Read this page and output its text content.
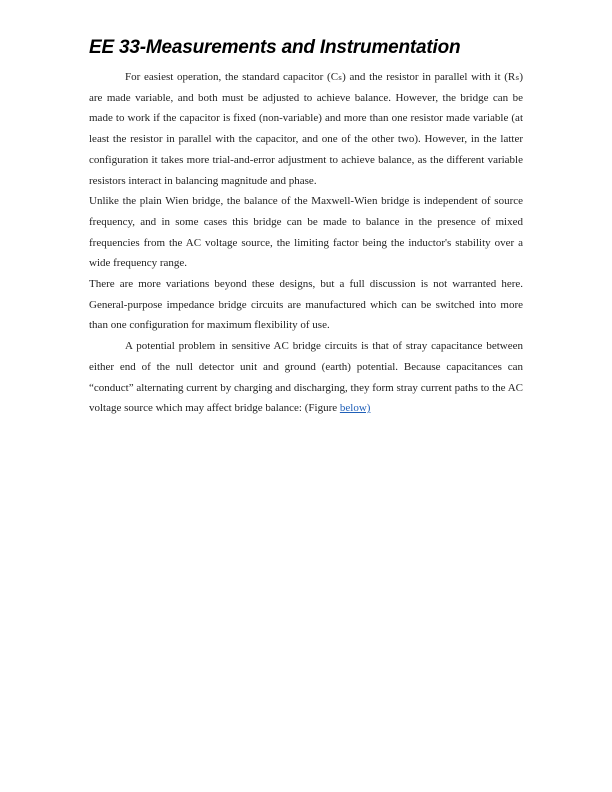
EE 33-Measurements and Instrumentation

For easiest operation, the standard capacitor (Cₛ) and the resistor in parallel with it (Rₛ) are made variable, and both must be adjusted to achieve balance. However, the bridge can be made to work if the capacitor is fixed (non-variable) and more than one resistor made variable (at least the resistor in parallel with the capacitor, and one of the other two). However, in the latter configuration it takes more trial-and-error adjustment to achieve balance, as the different variable resistors interact in balancing magnitude and phase.

Unlike the plain Wien bridge, the balance of the Maxwell-Wien bridge is independent of source frequency, and in some cases this bridge can be made to balance in the presence of mixed frequencies from the AC voltage source, the limiting factor being the inductor's stability over a wide frequency range.

There are more variations beyond these designs, but a full discussion is not warranted here. General-purpose impedance bridge circuits are manufactured which can be switched into more than one configuration for maximum flexibility of use.

A potential problem in sensitive AC bridge circuits is that of stray capacitance between either end of the null detector unit and ground (earth) potential. Because capacitances can “conduct” alternating current by charging and discharging, they form stray current paths to the AC voltage source which may affect bridge balance: (Figure below)
